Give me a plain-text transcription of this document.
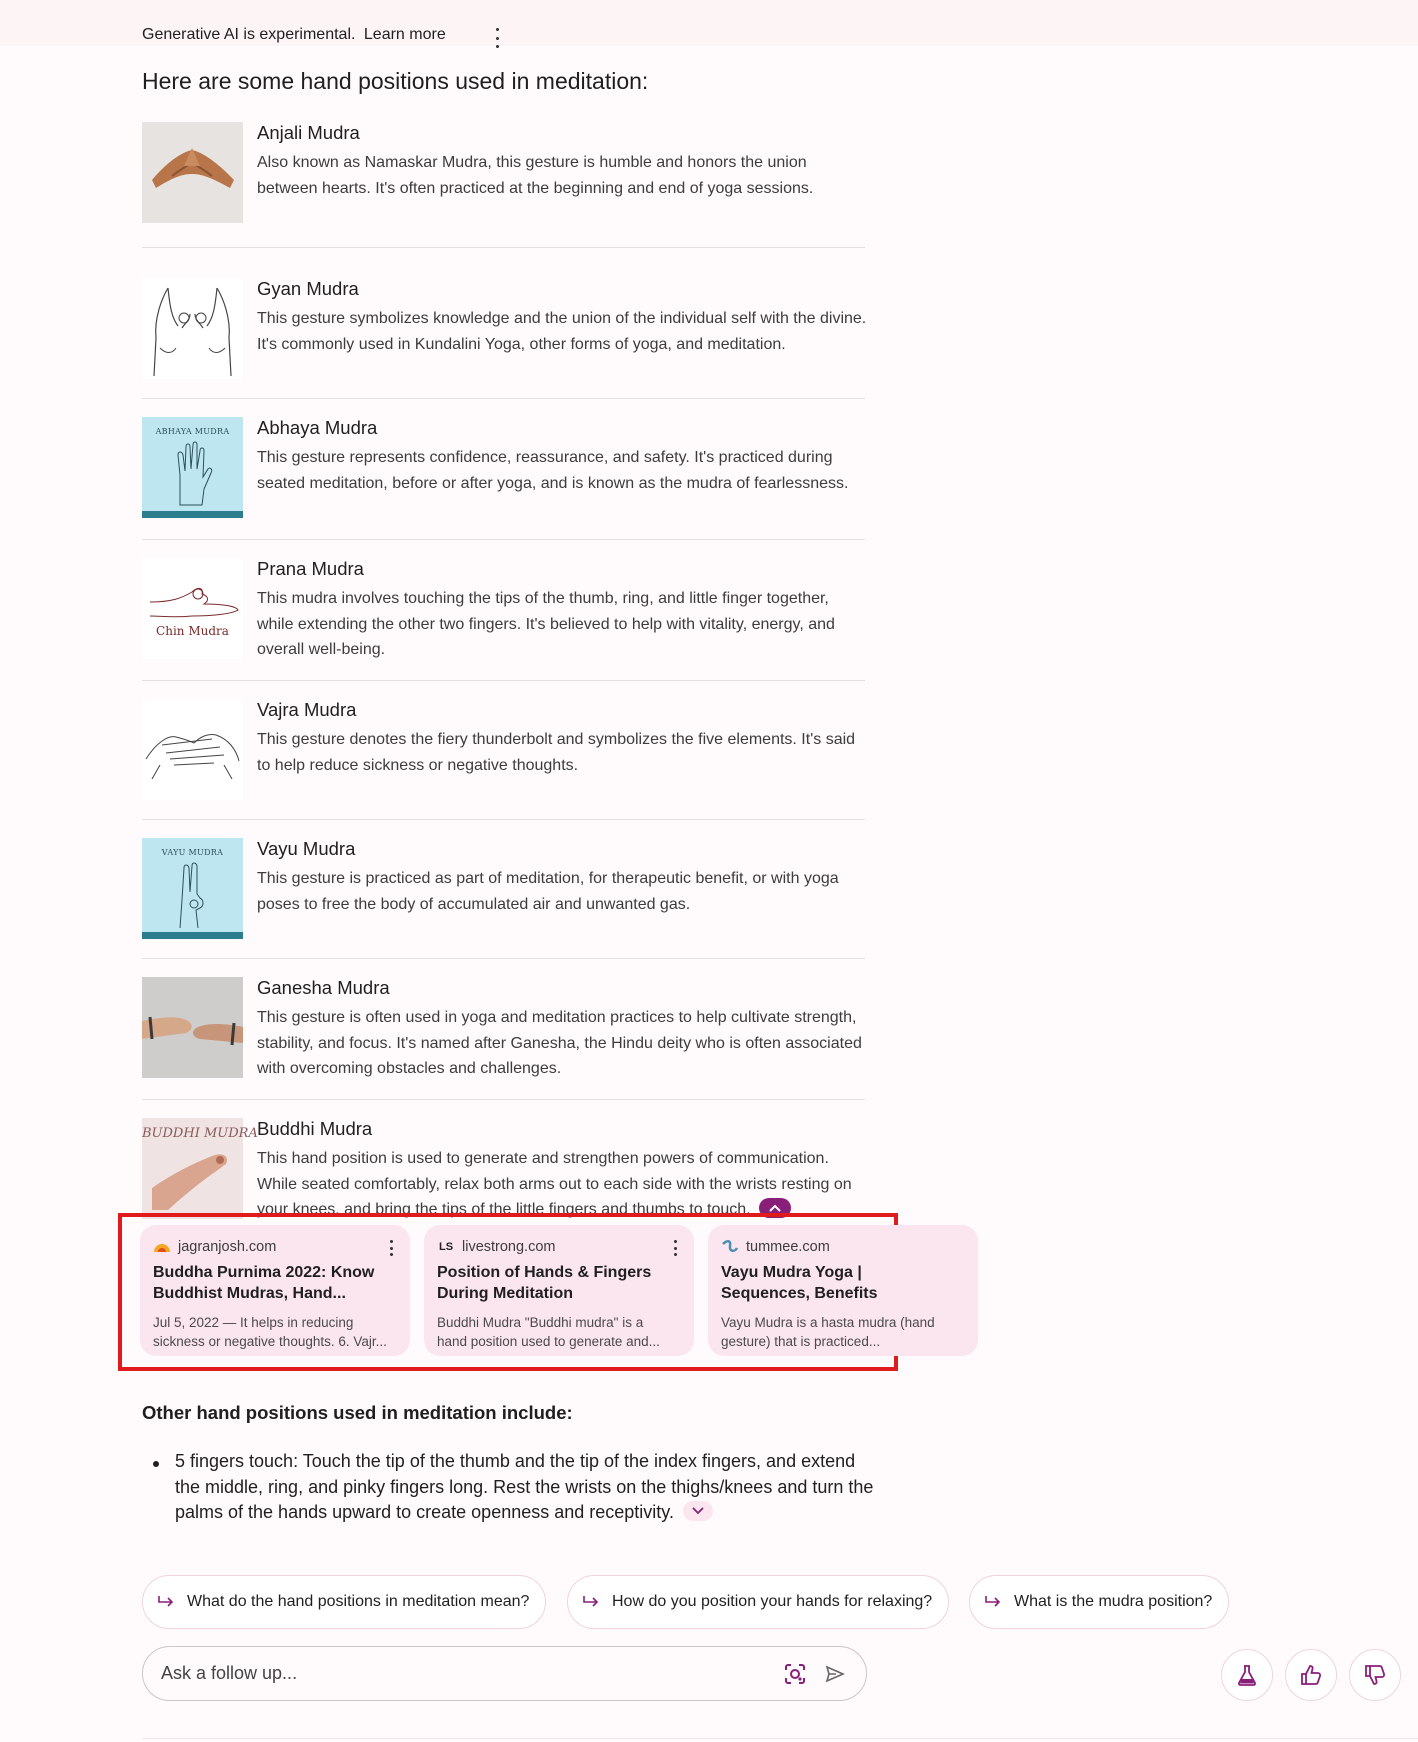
Generative AI is experimental. Learn more
Here are some hand positions used in meditation:
Anjali Mudra
Also known as Namaskar Mudra, this gesture is humble and honors the union between hearts. It's often practiced at the beginning and end of yoga sessions.
Gyan Mudra
This gesture symbolizes knowledge and the union of the individual self with the divine. It's commonly used in Kundalini Yoga, other forms of yoga, and meditation.
ABHAYA MUDRA	Abhaya Mudra
This gesture represents confidence, reassurance, and safety. It's practiced during seated meditation, before or after yoga, and is known as the mudra of fearlessness.
Chin Mudra
Prana Mudra
This mudra involves touching the tips of the thumb, ring, and little finger together, while extending the other two fingers. It's believed to help with vitality, energy, and overall well-being.
Vajra Mudra
This gesture denotes the fiery thunderbolt and symbolizes the five elements. It's said to help reduce sickness or negative thoughts.
VAYU MUDRA	Vayu Mudra
This gesture is practiced as part of meditation, for therapeutic benefit, or with yoga poses to free the body of accumulated air and unwanted gas.
Ganesha Mudra
This gesture is often used in yoga and meditation practices to help cultivate strength, stability, and focus. It's named after Ganesha, the Hindu deity who is often associated with overcoming obstacles and challenges.
BUDDHI MUDRA Buddhi Mudra
This hand position is used to generate and strengthen powers of communication. While seated comfortably, relax both arms out to each side with the wrists resting on your knees, and bring the tips of the little fingers and thumbs to touch.
jagranjosh.com
Buddha Purnima 2022: Know Buddhist Mudras, Hand...
Jul 5, 2022 — It helps in reducing
sickness or negative thoughts. 6. Vajr...
LS livestrong.com
Position of Hands & Fingers During Meditation
Buddhi Mudra "Buddhi mudra" is a
hand position used to generate and...
tummee.com
Vayu Mudra Yoga | Sequences, Benefits
Vayu Mudra is a hasta mudra (hand
gesture) that is practiced...
Other hand positions used in meditation include:
5 fingers touch: Touch the tip of the thumb and the tip of the index fingers, and extend the middle, ring, and pinky fingers long. Rest the wrists on the thighs/knees and turn the palms of the hands upward to create openness and receptivity.
What do the hand positions in meditation mean?	How do you position your hands for relaxing?	What is the mudra position?
Ask a follow up...
